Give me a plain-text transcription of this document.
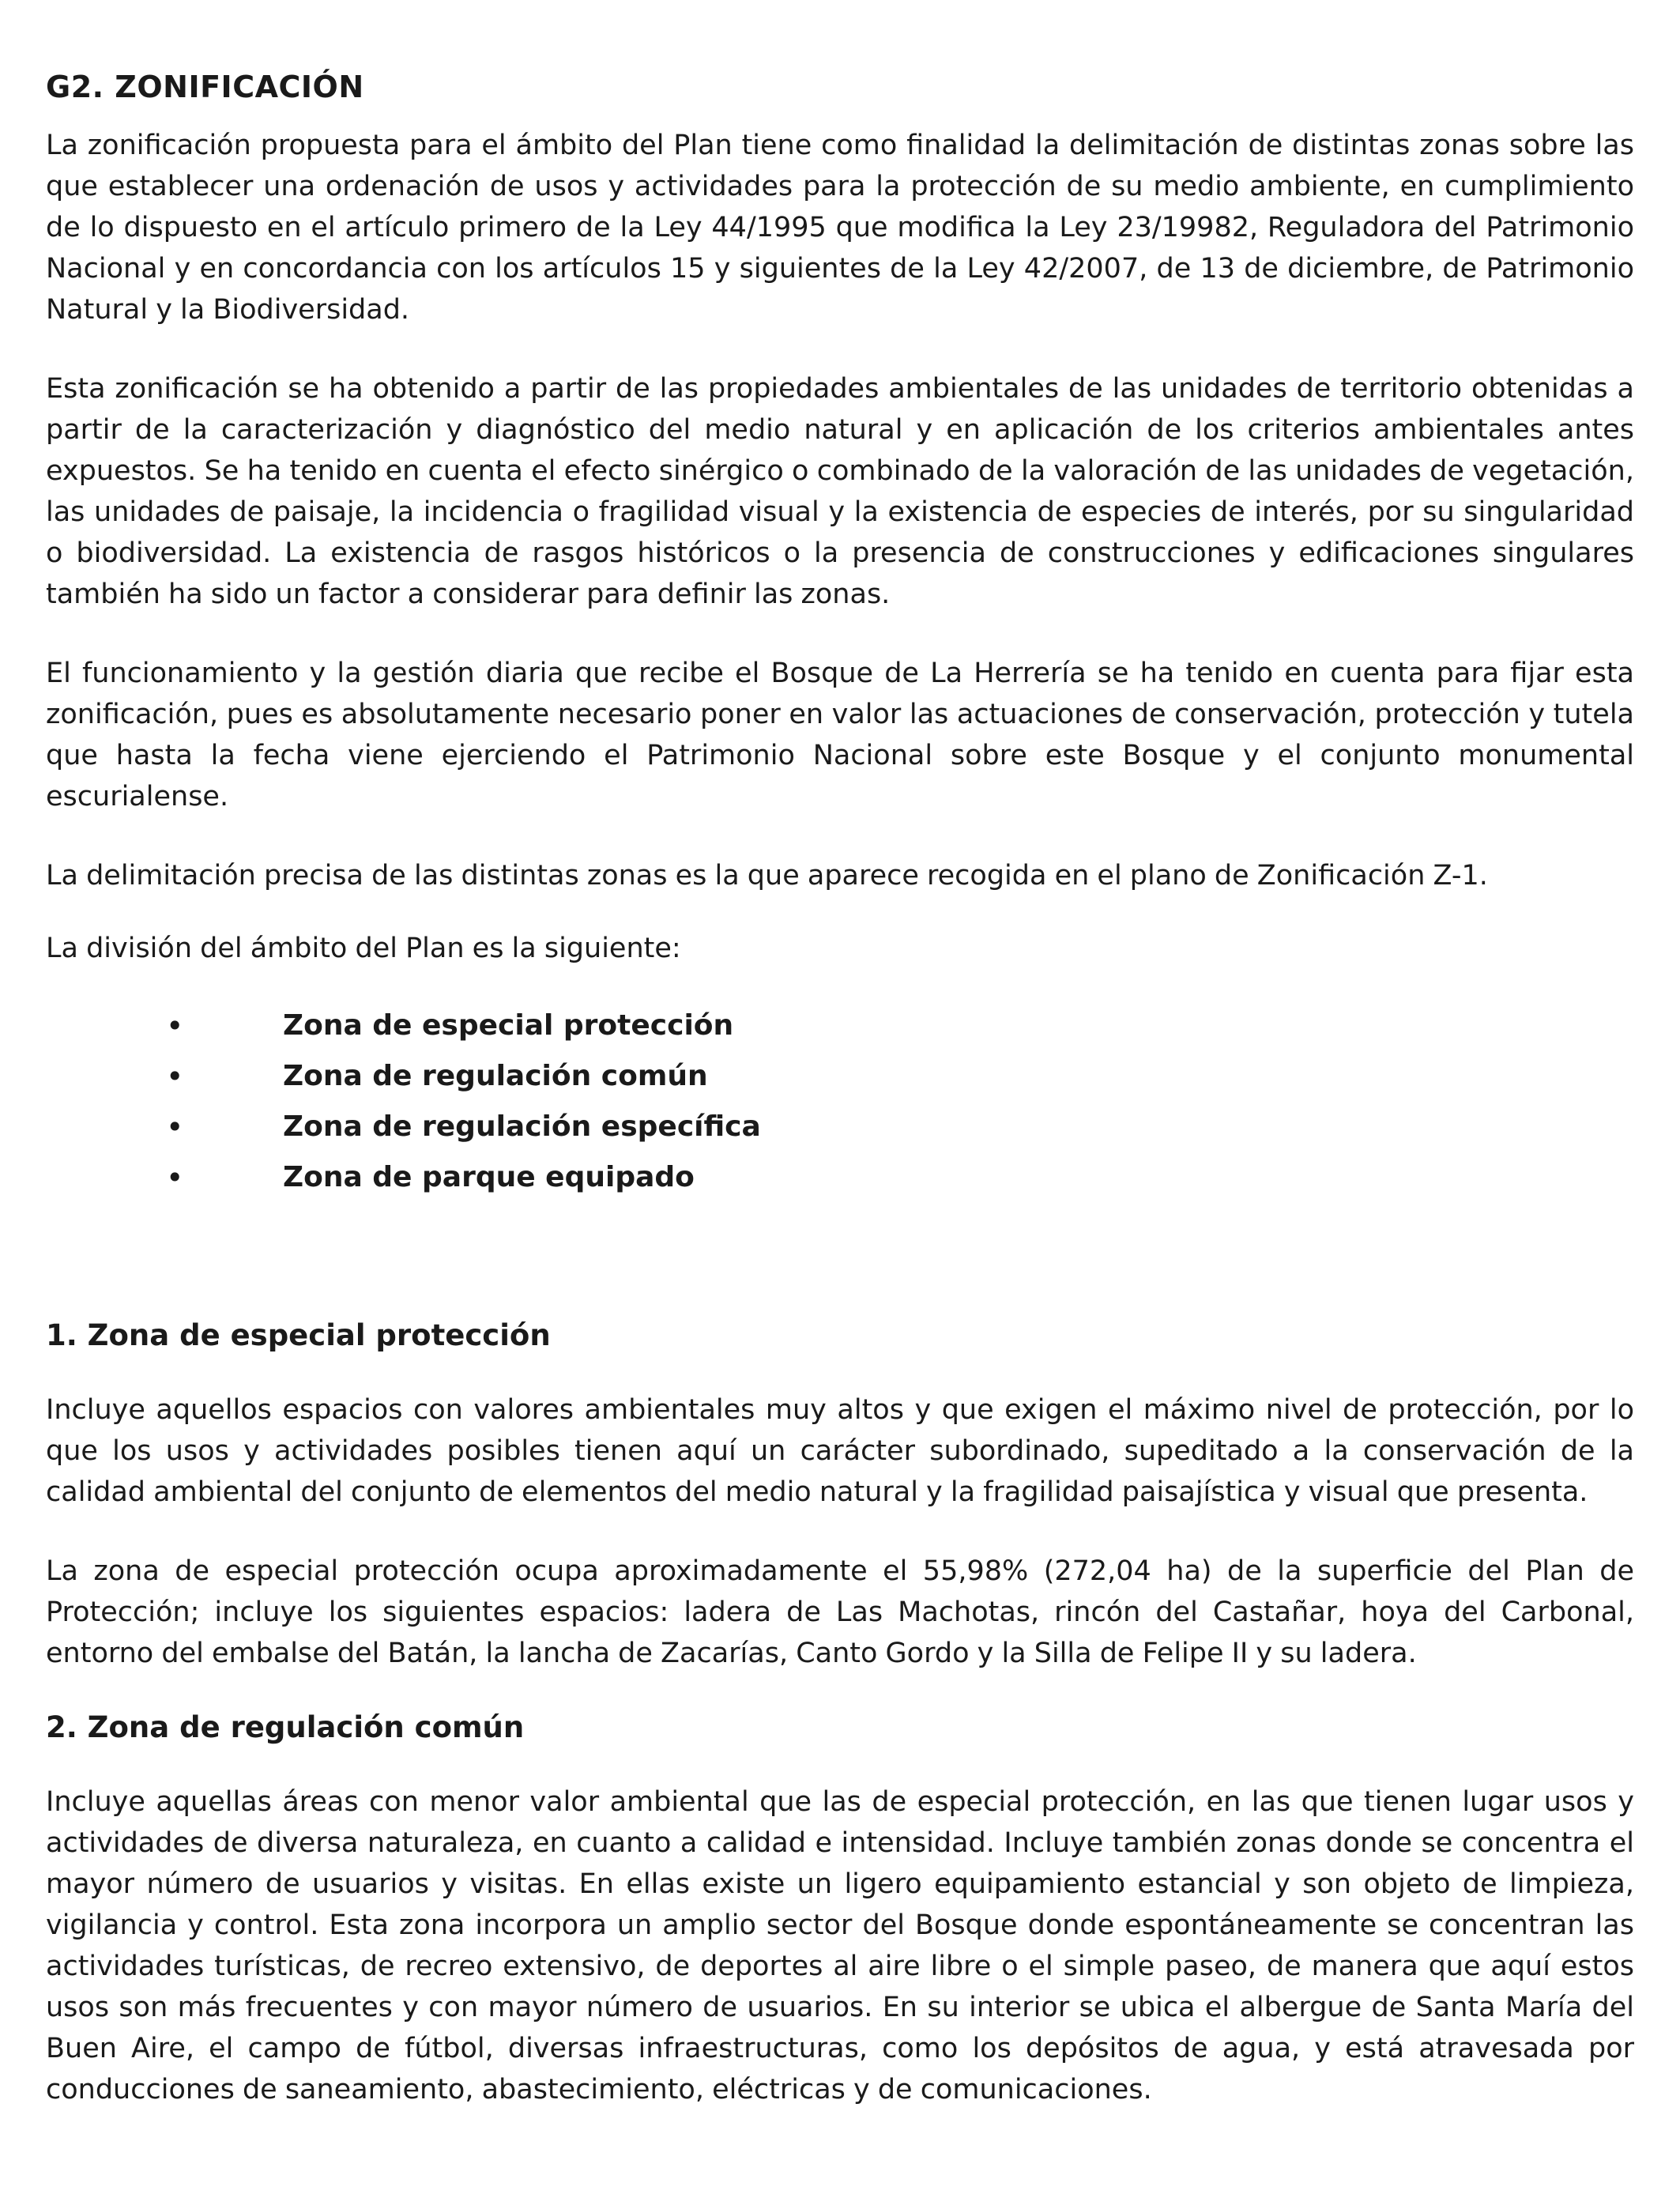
G2. ZONIFICACIÓN

La zonificación propuesta para el ámbito del Plan tiene como finalidad la delimitación de distintas zonas sobre las que establecer una ordenación de usos y actividades para la protección de su medio ambiente, en cumplimiento de lo dispuesto en el artículo primero de la Ley 44/1995 que modifica la Ley 23/19982, Reguladora del Patrimonio Nacional y en concordancia con los artículos 15 y siguientes de la Ley 42/2007, de 13 de diciembre, de Patrimonio Natural y la Biodiversidad.

Esta zonificación se ha obtenido a partir de las propiedades ambientales de las unidades de territorio obtenidas a partir de la caracterización y diagnóstico del medio natural y en aplicación de los criterios ambientales antes expuestos. Se ha tenido en cuenta el efecto sinérgico o combinado de la valoración de las unidades de vegetación, las unidades de paisaje, la incidencia o fragilidad visual y la existencia de especies de interés, por su singularidad o biodiversidad. La existencia de rasgos históricos o la presencia de construcciones y edificaciones singulares también ha sido un factor a considerar para definir las zonas.

El funcionamiento y la gestión diaria que recibe el Bosque de La Herrería se ha tenido en cuenta para fijar esta zonificación, pues es absolutamente necesario poner en valor las actuaciones de conservación, protección y tutela que hasta la fecha viene ejerciendo el Patrimonio Nacional sobre este Bosque y el conjunto monumental escurialense.

La delimitación precisa de las distintas zonas es la que aparece recogida en el plano de Zonificación Z-1.

La división del ámbito del Plan es la siguiente:

•	Zona de especial protección
•	Zona de regulación común
•	Zona de regulación específica
•	Zona de parque equipado
1. Zona de especial protección

Incluye aquellos espacios con valores ambientales muy altos y que exigen el máximo nivel de protección, por lo que los usos y actividades posibles tienen aquí un carácter subordinado, supeditado a la conservación de la calidad ambiental del conjunto de elementos del medio natural y la fragilidad paisajística y visual que presenta.

La zona de especial protección ocupa aproximadamente el 55,98% (272,04 ha) de la superficie del Plan de Protección; incluye los siguientes espacios: ladera de Las Machotas, rincón del Castañar, hoya del Carbonal, entorno del embalse del Batán, la lancha de Zacarías, Canto Gordo y la Silla de Felipe II y su ladera.

2. Zona de regulación común

Incluye aquellas áreas con menor valor ambiental que las de especial protección, en las que tienen lugar usos y actividades de diversa naturaleza, en cuanto a calidad e intensidad. Incluye también zonas donde se concentra el mayor número de usuarios y visitas. En ellas existe un ligero equipamiento estancial y son objeto de limpieza, vigilancia y control. Esta zona incorpora un amplio sector del Bosque donde espontáneamente se concentran las actividades turísticas, de recreo extensivo, de deportes al aire libre o el simple paseo, de manera que aquí estos usos son más frecuentes y con mayor número de usuarios. En su interior se ubica el albergue de Santa María del Buen Aire, el campo de fútbol, diversas infraestructuras, como los depósitos de agua, y está atravesada por conducciones de saneamiento, abastecimiento, eléctricas y de comunicaciones.
